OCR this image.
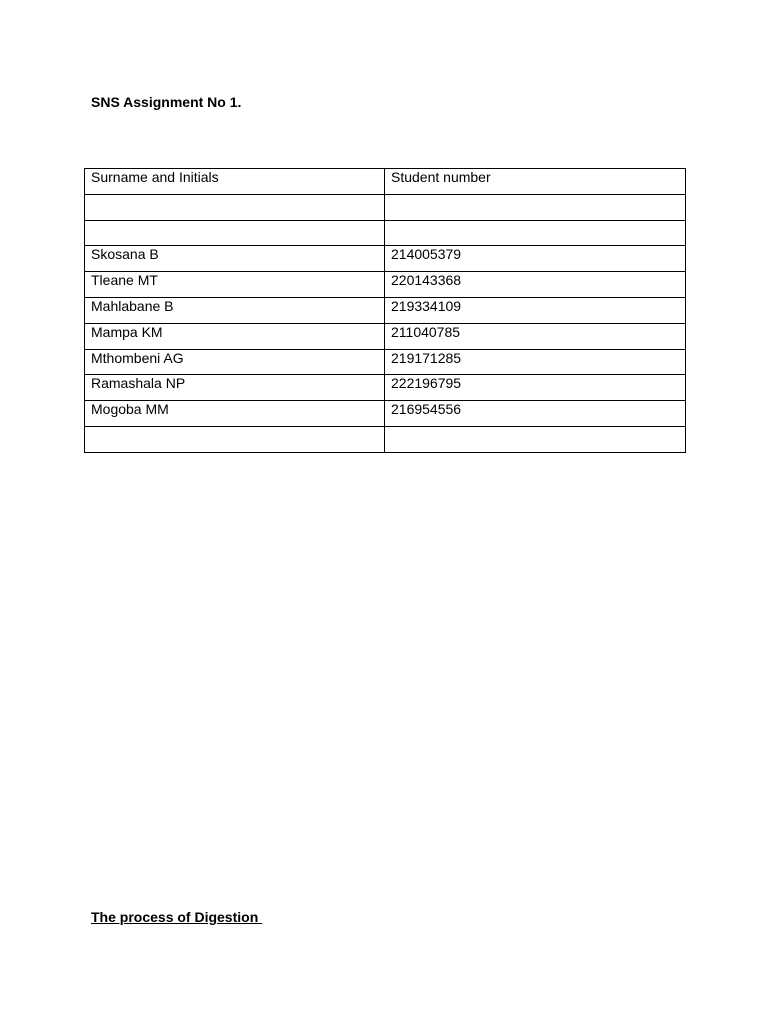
SNS Assignment No 1.

Surname and Initials	Student number

Skosana B	214005379

Tleane MT	220143368

Mahlabane B	219334109

Mampa KM	211040785

Mthombeni AG	219171285

Ramashala NP	222196795

Mogoba MM	216954556

The process of Digestion
